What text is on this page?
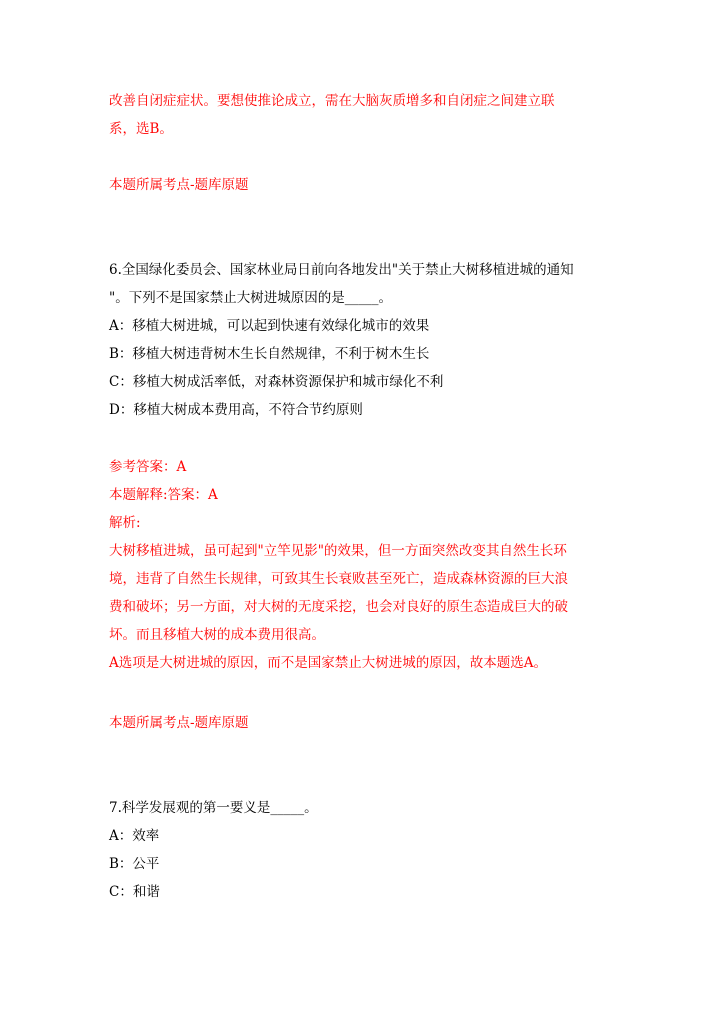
改善自闭症症状。要想使推论成立，需在大脑灰质增多和自闭症之间建立联
系，选B。
本题所属考点-题库原题
6.全国绿化委员会、国家林业局日前向各地发出"关于禁止大树移植进城的通知
"。下列不是国家禁止大树进城原因的是_____。
A：移植大树进城，可以起到快速有效绿化城市的效果
B：移植大树违背树木生长自然规律，不利于树木生长
C：移植大树成活率低，对森林资源保护和城市绿化不利
D：移植大树成本费用高，不符合节约原则
参考答案：A
本题解释:答案：A
解析:
大树移植进城，虽可起到"立竿见影"的效果，但一方面突然改变其自然生长环
境，违背了自然生长规律，可致其生长衰败甚至死亡，造成森林资源的巨大浪
费和破坏；另一方面，对大树的无度采挖，也会对良好的原生态造成巨大的破
坏。而且移植大树的成本费用很高。
A选项是大树进城的原因，而不是国家禁止大树进城的原因，故本题选A。
本题所属考点-题库原题
7.科学发展观的第一要义是_____。
A：效率
B：公平
C：和谐
